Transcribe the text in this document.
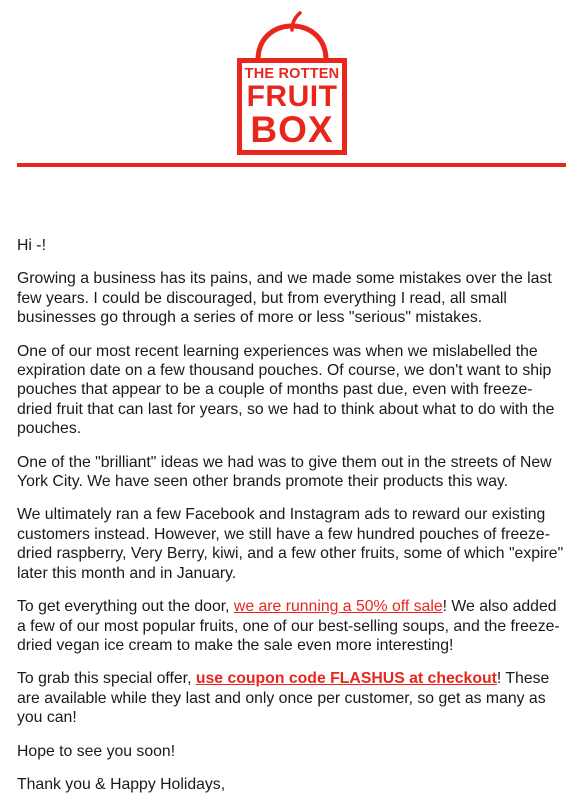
THE ROTTEN
FRUIT
BOX

Hi -!

Growing a business has its pains, and we made some mistakes over the last few years. I could be discouraged, but from everything I read, all small businesses go through a series of more or less "serious" mistakes.

One of our most recent learning experiences was when we mislabelled the expiration date on a few thousand pouches. Of course, we don't want to ship pouches that appear to be a couple of months past due, even with freeze-dried fruit that can last for years, so we had to think about what to do with the pouches.

One of the "brilliant" ideas we had was to give them out in the streets of New York City. We have seen other brands promote their products this way.

We ultimately ran a few Facebook and Instagram ads to reward our existing customers instead. However, we still have a few hundred pouches of freeze-dried raspberry, Very Berry, kiwi, and a few other fruits, some of which "expire" later this month and in January.

To get everything out the door, we are running a 50% off sale! We also added a few of our most popular fruits, one of our best-selling soups, and the freeze-dried vegan ice cream to make the sale even more interesting!

To grab this special offer, use coupon code FLASHUS at checkout! These are available while they last and only once per customer, so get as many as you can!

Hope to see you soon!

Thank you & Happy Holidays,
